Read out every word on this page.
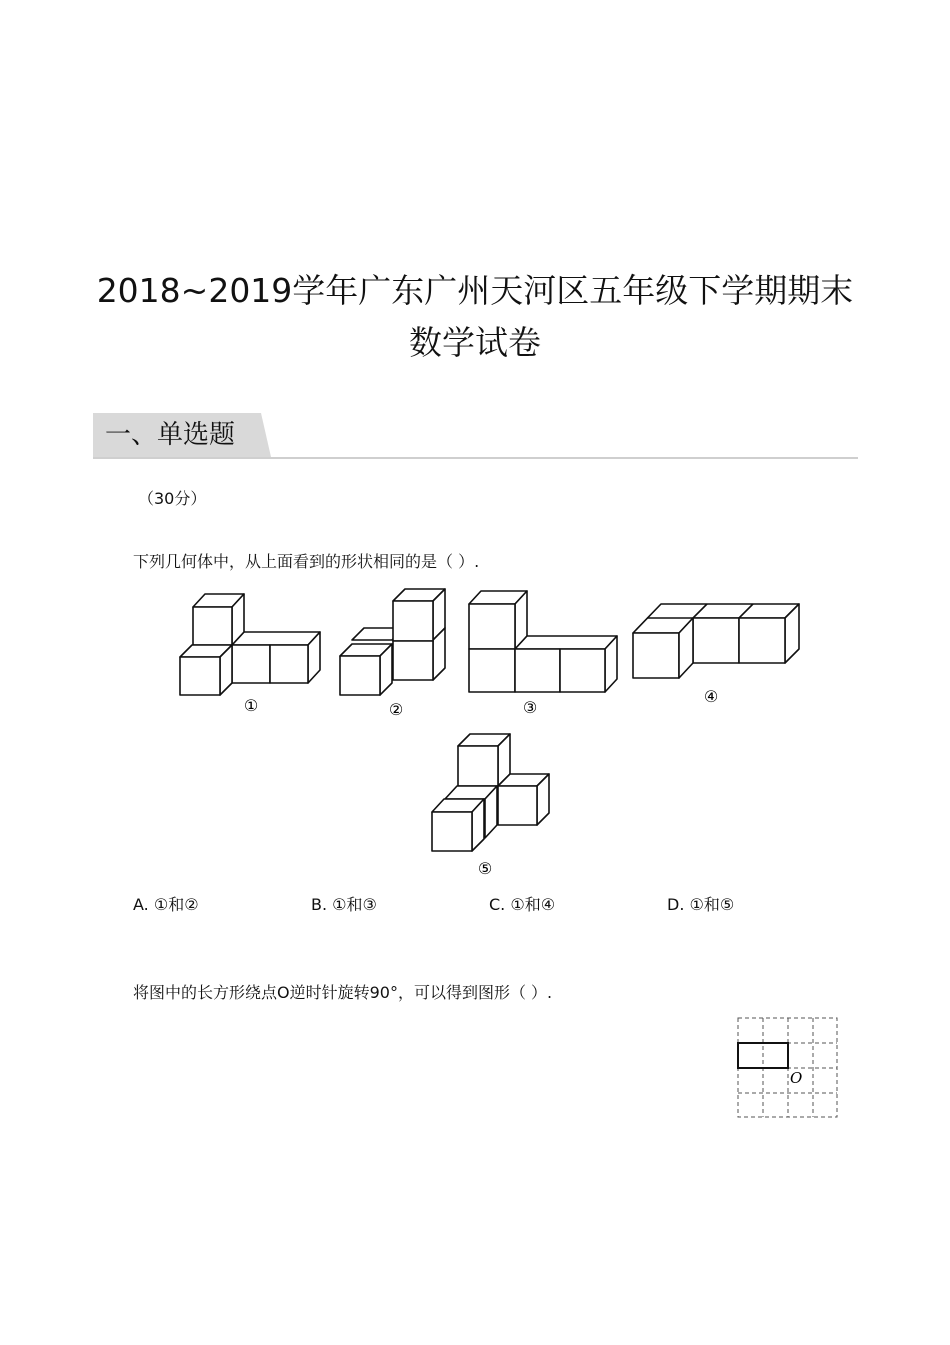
2018~2019学年广东广州天河区五年级下学期期末
数学试卷
一、单选题
（30分）
下列几何体中，从上面看到的形状相同的是（ ）.
①	②	③
④
⑤
O
A. ①和②	B. ①和③	C. ①和④	D. ①和⑤
将图中的长方形绕点O逆时针旋转90°，可以得到图形（ ）.
